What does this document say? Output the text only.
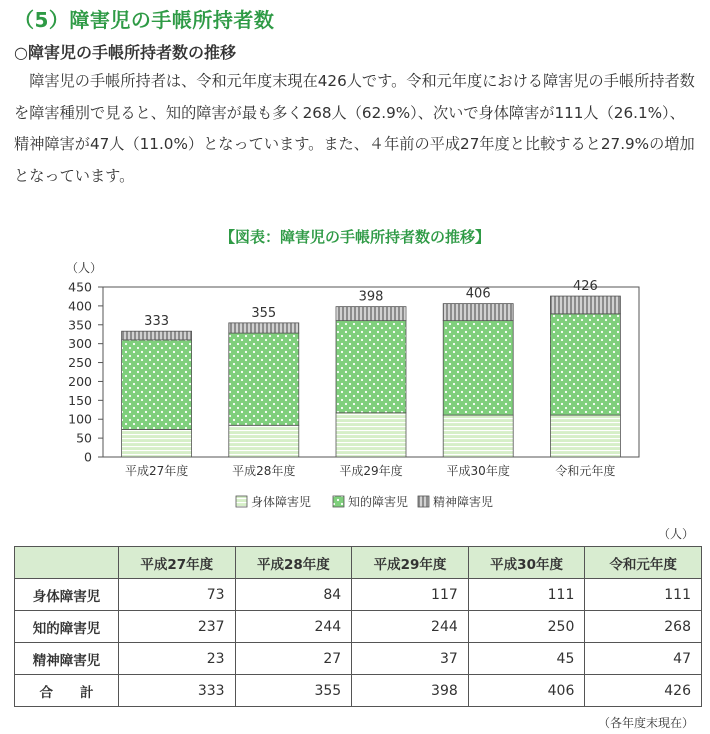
（5）障害児の手帳所持者数
○障害児の手帳所持者数の推移

障害児の手帳所持者は、令和元年度末現在426人です。令和元年度における障害児の手帳所持者数を障害種別で見ると、知的障害が最も多く268人（62.9%）、次いで身体障害が111人（26.1%）、精神障害が47人（11.0%）となっています。また、４年前の平成27年度と比較すると27.9%の増加となっています。

【図表：障害児の手帳所持者数の推移】
（人）
0
50
100
150
200
250
300
350
400
450
333
355
398	406
426
平成27年度	平成28年度	平成29年度	平成30年度	令和元年度
身体障害児	知的障害児 精神障害児
（人）
	平成27年度	平成28年度	平成29年度	平成30年度	令和元年度
身体障害児	73	84	117	111	111
知的障害児	237	244	244	250	268
精神障害児	23	27	37	45	47
合　　計	333	355	398	406	426
（各年度末現在）
